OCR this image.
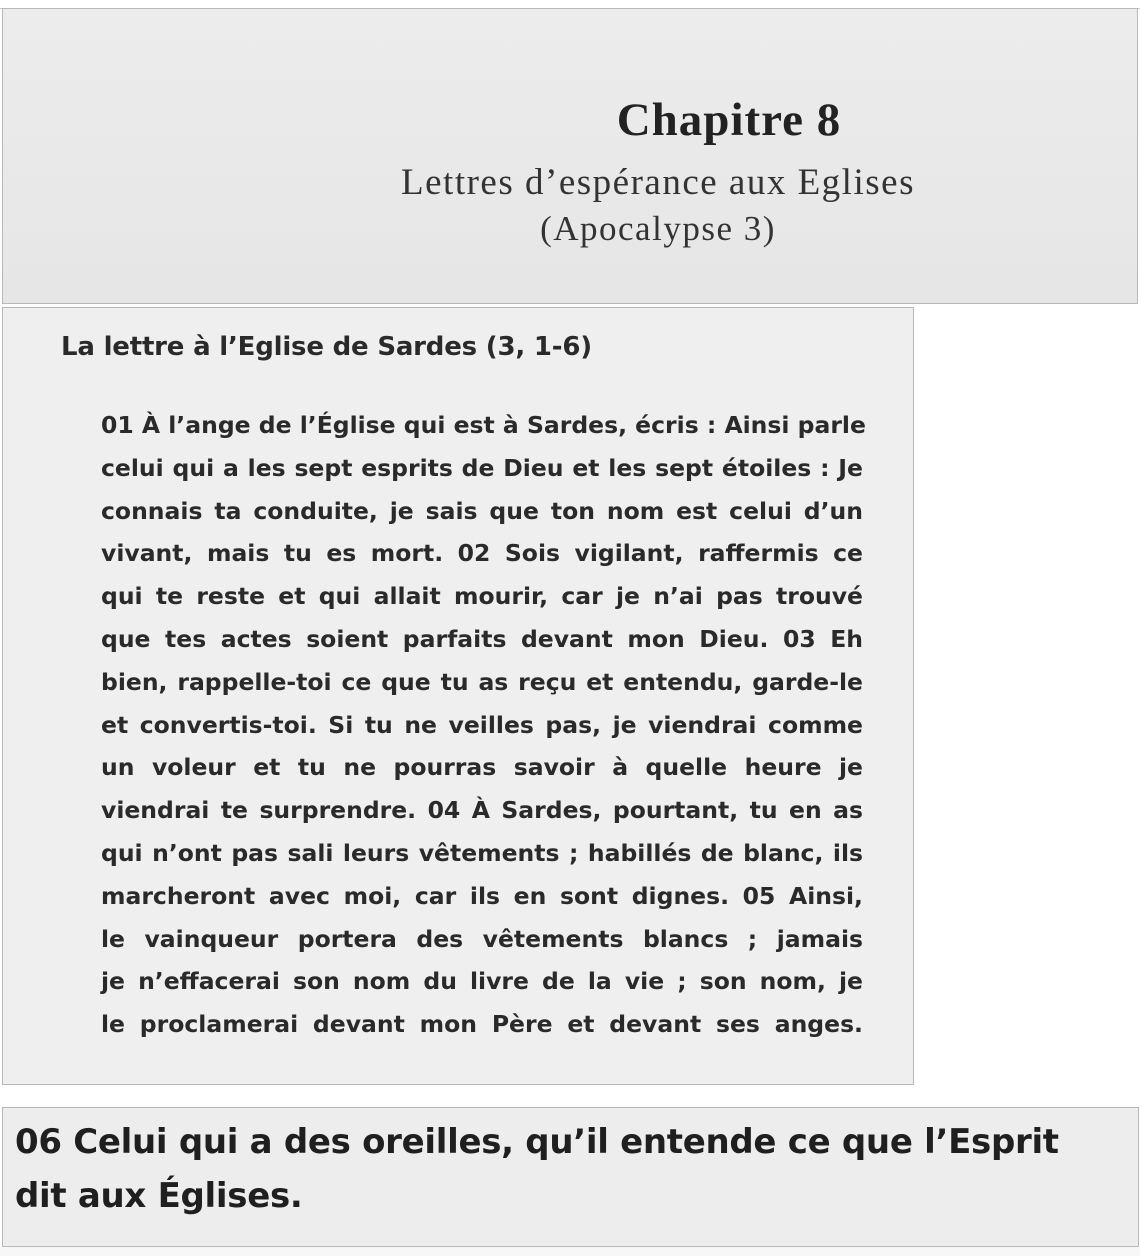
Chapitre 8
Lettres d’espérance aux Eglises
(Apocalypse 3)
La lettre à l’Eglise de Sardes (3, 1-6)
01 À l’ange de l’Église qui est à Sardes, écris : Ainsi parle
celui qui a les sept esprits de Dieu et les sept étoiles : Je
connais ta conduite, je sais que ton nom est celui d’un
vivant, mais tu es mort. 02 Sois vigilant, raffermis ce
qui te reste et qui allait mourir, car je n’ai pas trouvé
que tes actes soient parfaits devant mon Dieu. 03 Eh
bien, rappelle-toi ce que tu as reçu et entendu, garde-le
et convertis-toi. Si tu ne veilles pas, je viendrai comme
un voleur et tu ne pourras savoir à quelle heure je
viendrai te surprendre. 04 À Sardes, pourtant, tu en as
qui n’ont pas sali leurs vêtements ; habillés de blanc, ils
marcheront avec moi, car ils en sont dignes. 05 Ainsi,
le vainqueur portera des vêtements blancs ; jamais
je n’effacerai son nom du livre de la vie ; son nom, je
le proclamerai devant mon Père et devant ses anges.
06 Celui qui a des oreilles, qu’il entende ce que l’Esprit
dit aux Églises.
